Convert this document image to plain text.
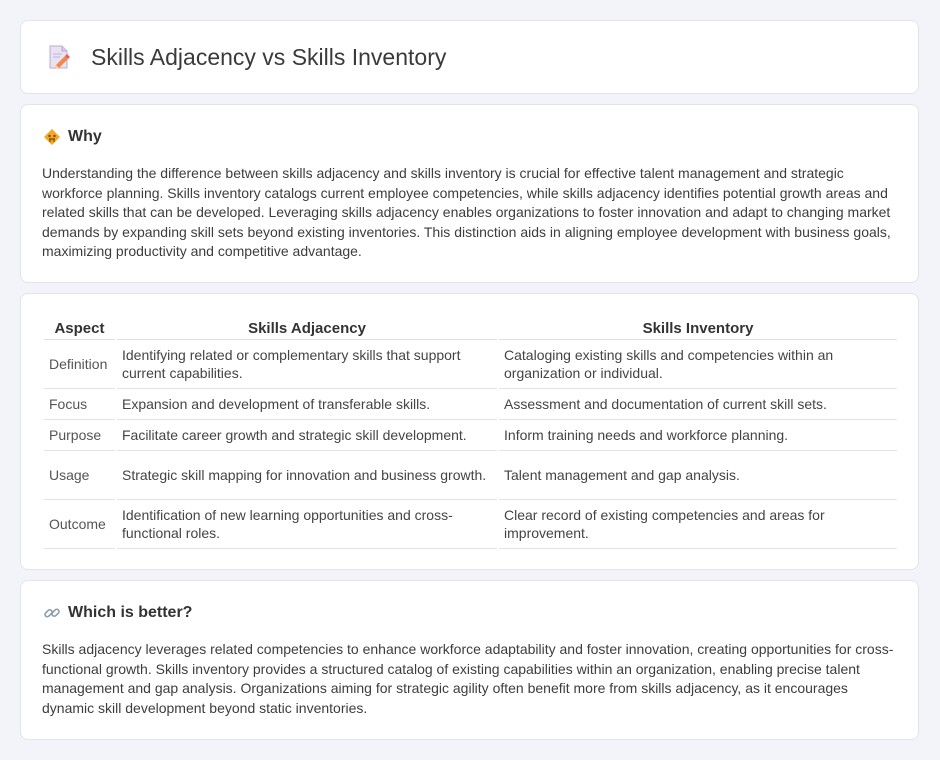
Skills Adjacency vs Skills Inventory
Why

Understanding the difference between skills adjacency and skills inventory is crucial for effective talent management and strategic workforce planning. Skills inventory catalogs current employee competencies, while skills adjacency identifies potential growth areas and related skills that can be developed. Leveraging skills adjacency enables organizations to foster innovation and adapt to changing market demands by expanding skill sets beyond existing inventories. This distinction aids in aligning employee development with business goals, maximizing productivity and competitive advantage.

Aspect	Skills Adjacency	Skills Inventory
Definition	Identifying related or complementary skills that support current capabilities.	Cataloging existing skills and competencies within an organization or individual.
Focus	Expansion and development of transferable skills.	Assessment and documentation of current skill sets.
Purpose	Facilitate career growth and strategic skill development.	Inform training needs and workforce planning.
Usage	Strategic skill mapping for innovation and business growth.	Talent management and gap analysis.
Outcome	Identification of new learning opportunities and cross-functional roles.	Clear record of existing competencies and areas for improvement.
Which is better?

Skills adjacency leverages related competencies to enhance workforce adaptability and foster innovation, creating opportunities for cross-functional growth. Skills inventory provides a structured catalog of existing capabilities within an organization, enabling precise talent management and gap analysis. Organizations aiming for strategic agility often benefit more from skills adjacency, as it encourages dynamic skill development beyond static inventories.
